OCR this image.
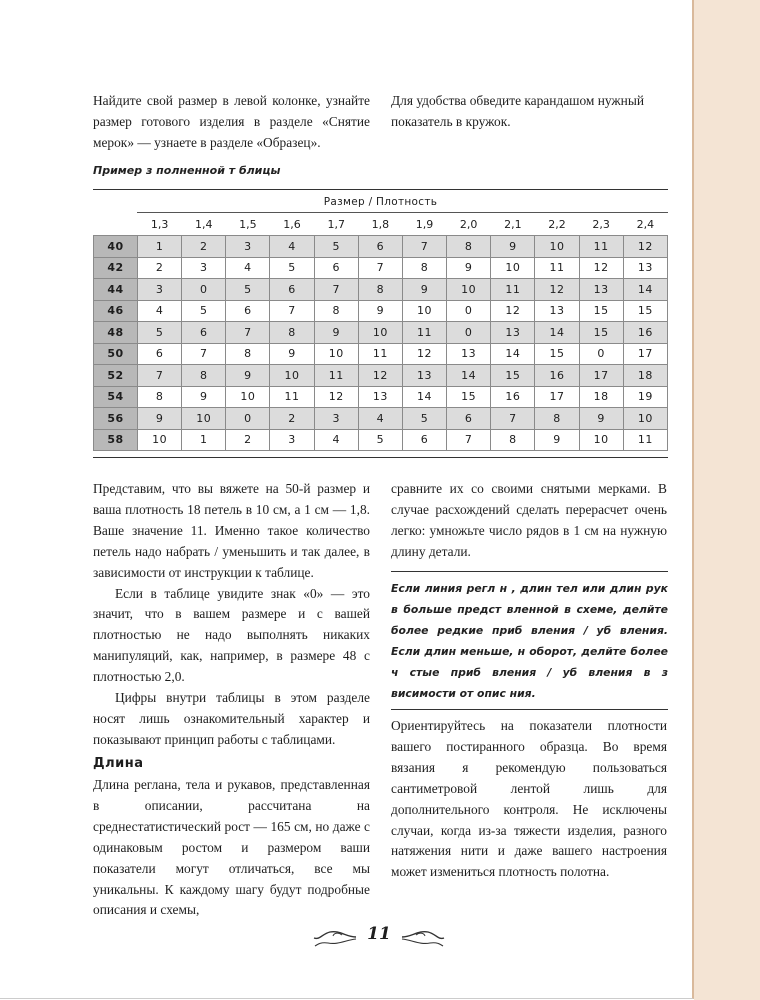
Найдите свой размер в левой колонке, узнайте размер готового изделия в разделе «Снятие мерок» — узнаете в разделе «Образец».

Для удобства обведите карандашом нужный показатель в кружок.

Пример з полненной т блицы
Размер / Плотность
	1,3	1,4	1,5	1,6	1,7	1,8	1,9	2,0	2,1	2,2	2,3	2,4
40	1	2	3	4	5	6	7	8	9	10	11	12
42	2	3	4	5	6	7	8	9	10	11	12	13
44	3	0	5	6	7	8	9	10	11	12	13	14
46	4	5	6	7	8	9	10	0	12	13	15	15
48	5	6	7	8	9	10	11	0	13	14	15	16
50	6	7	8	9	10	11	12	13	14	15	0	17
52	7	8	9	10	11	12	13	14	15	16	17	18
54	8	9	10	11	12	13	14	15	16	17	18	19
56	9	10	0	2	3	4	5	6	7	8	9	10
58	10	1	2	3	4	5	6	7	8	9	10	11

Представим, что вы вяжете на 50-й размер и ваша плотность 18 петель в 10 см, а 1 см — 1,8. Ваше значение 11. Именно такое количество петель надо набрать / уменьшить и так далее, в зависимости от инструкции к таблице.

Если в таблице увидите знак «0» — это значит, что в вашем размере и с вашей плотностью не надо выполнять никаких манипуляций, как, например, в размере 48 с плотностью 2,0.

Цифры внутри таблицы в этом разделе носят лишь ознакомительный характер и показывают принцип работы с таблицами.

сравните их со своими снятыми мерками. В случае расхождений сделать перерасчет очень легко: умножьте число рядов в 1 см на нужную длину детали.

Если линия регл н , длин тел или длин рук в больше предст вленной в схеме, делйте более редкие приб вления / уб вления. Если длин меньше, н оборот, делйте более ч стые приб вления / уб вления в з висимости от опис ния.

Ориентируйтесь на показатели плотности вашего постиранного образца. Во время вязания я рекомендую пользоваться сантиметровой лентой лишь для дополнительного контроля. Не исключены случаи, когда из-за тяжести изделия, разного натяжения нити и даже вашего настроения может измениться плотность полотна.

Длина

Длина реглана, тела и рукавов, представленная в описании, рассчитана на среднестатистический рост — 165 см, но даже с одинаковым ростом и размером ваши показатели могут отличаться, все мы уникальны. К каждому шагу будут подробные описания и схемы,

11
